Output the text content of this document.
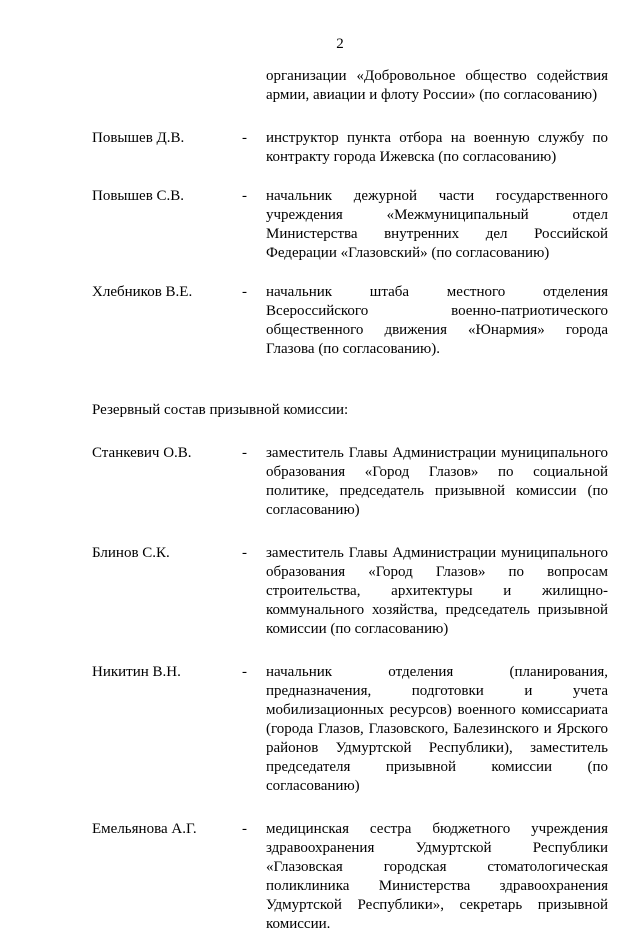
2
организации «Добровольное общество содействия армии, авиации и флоту России» (по согласованию)
Повышев Д.В.	-	инструктор пункта отбора на военную службу по контракту города Ижевска (по согласованию)
Повышев С.В.	-	начальник дежурной части государственного учреждения «Межмуниципальный отдел Министерства внутренних дел Российской Федерации «Глазовский» (по согласованию)
Хлебников В.Е.	-	начальник штаба местного отделения Всероссийского военно-патриотического общественного движения «Юнармия» города Глазова (по согласованию).
Резервный состав призывной комиссии:
Станкевич О.В.	-	заместитель Главы Администрации муниципального образования «Город Глазов» по социальной политике, председатель призывной комиссии (по согласованию)
Блинов С.К.	-	заместитель Главы Администрации муниципального образования «Город Глазов» по вопросам строительства, архитектуры и жилищно-коммунального хозяйства, председатель призывной комиссии (по согласованию)
Никитин В.Н.	-	начальник отделения (планирования, предназначения, подготовки и учета мобилизационных ресурсов) военного комиссариата (города Глазов, Глазовского, Балезинского и Ярского районов Удмуртской Республики), заместитель председателя призывной комиссии (по согласованию)
Емельянова А.Г.	-	медицинская сестра бюджетного учреждения здравоохранения Удмуртской Республики «Глазовская городская стоматологическая поликлиника Министерства здравоохранения Удмуртской Республики», секретарь призывной комиссии.
